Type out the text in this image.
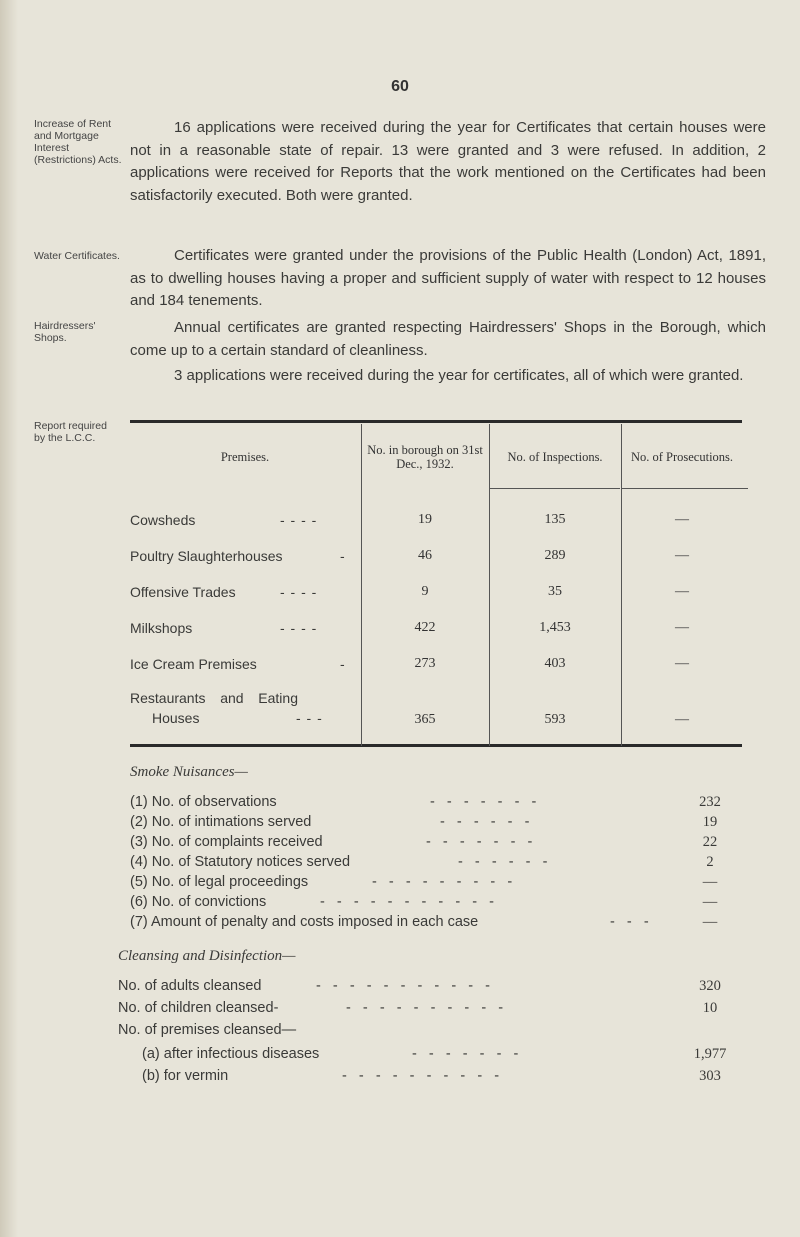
60
Increase of Rent and Mortgage Interest (Restrictions) Acts.

16 applications were received during the year for Certificates that certain houses were not in a reasonable state of repair. 13 were granted and 3 were refused. In addition, 2 applications were received for Reports that the work mentioned on the Certificates had been satisfactorily executed. Both were granted.

Water Certificates.	Certificates were granted under the provisions of the Public Health (London) Act, 1891, as to dwelling houses having a proper and sufficient supply of water with respect to 12 houses and 184 tenements.

Hairdressers' Shops.

Annual certificates are granted respecting Hairdressers' Shops in the Borough, which come up to a certain standard of cleanliness.

3 applications were received during the year for certificates, all of which were granted.

Report required by the L.C.C.
Premises.	No. in borough on 31st Dec., 1932.	No. of Inspections.	No. of Prosecutions.
Cowsheds	- - - -	19	135	—
Poultry Slaughterhouses	-	46	289	—
Offensive Trades	- - - -	9	35	—
Milkshops	- - - -	422	1,453	—
Ice Cream Premises	-	273	403	—
Restaurants and Eating Houses	- - -	365	593	—
Smoke Nuisances—
(1) No. of observations	-   -   -   -   -   -   -	232
(2) No. of intimations served	-   -   -   -   -   -	19
(3) No. of complaints received	-   -   -   -   -   -   -	22
(4) No. of Statutory notices served	-   -   -   -   -   -	2
(5) No. of legal proceedings	-   -   -   -   -   -   -   -   -	—
(6) No. of convictions	-   -   -   -   -   -   -   -   -   -   -	—
(7) Amount of penalty and costs imposed in each case	-   -   -	—
Cleansing and Disinfection—
No. of adults cleansed	-   -   -   -   -   -   -   -   -   -   -	320
No. of children cleansed-	-   -   -   -   -   -   -   -   -   -	10
No. of premises cleansed—
(a) after infectious diseases	-   -   -   -   -   -   -	1,977
(b) for vermin	-   -   -   -   -   -   -   -   -   -	303
